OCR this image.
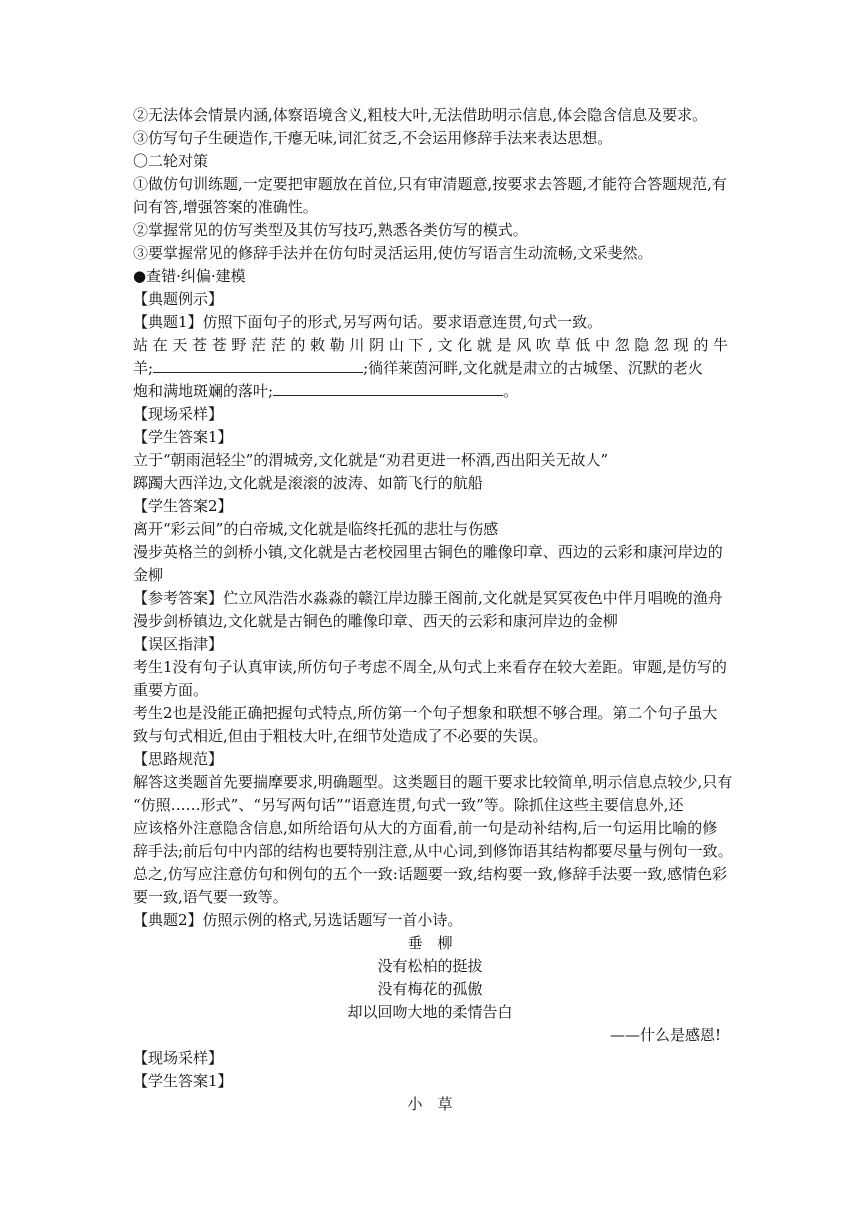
②无法体会情景内涵,体察语境含义,粗枝大叶,无法借助明示信息,体会隐含信息及要求。
③仿写句子生硬造作,干瘪无味,词汇贫乏,不会运用修辞手法来表达思想。
〇二轮对策
①做仿句训练题,一定要把审题放在首位,只有审清题意,按要求去答题,才能符合答题规范,有
问有答,增强答案的准确性。
②掌握常见的仿写类型及其仿写技巧,熟悉各类仿写的模式。
③要掌握常见的修辞手法并在仿句时灵活运用,使仿写语言生动流畅,文采斐然。
●查错·纠偏·建模
【典题例示】
【典题1】仿照下面句子的形式,另写两句话。要求语意连贯,句式一致。
站在天苍苍野茫茫的敕勒川阴山下,文化就是风吹草低中忽隐忽现的牛
羊;	;徜徉莱茵河畔,文化就是肃立的古城堡、沉默的老火
炮和满地斑斓的落叶;	。
【现场采样】
【学生答案1】
立于“朝雨浥轻尘”的渭城旁,文化就是“劝君更进一杯酒,西出阳关无故人”
踯躅大西洋边,文化就是滚滚的波涛、如箭飞行的航船
【学生答案2】
离开“彩云间”的白帝城,文化就是临终托孤的悲壮与伤感
漫步英格兰的剑桥小镇,文化就是古老校园里古铜色的雕像印章、西边的云彩和康河岸边的
金柳
【参考答案】伫立风浩浩水淼淼的赣江岸边滕王阁前,文化就是冥冥夜色中伴月唱晚的渔舟
漫步剑桥镇边,文化就是古铜色的雕像印章、西天的云彩和康河岸边的金柳
【误区指津】
考生1没有句子认真审读,所仿句子考虑不周全,从句式上来看存在较大差距。审题,是仿写的
重要方面。
考生2也是没能正确把握句式特点,所仿第一个句子想象和联想不够合理。第二个句子虽大
致与句式相近,但由于粗枝大叶,在细节处造成了不必要的失误。
【思路规范】
解答这类题首先要揣摩要求,明确题型。这类题目的题干要求比较简单,明示信息点较少,只有
“仿照……形式”、“另写两句话”“语意连贯,句式一致”等。除抓住这些主要信息外,还
应该格外注意隐含信息,如所给语句从大的方面看,前一句是动补结构,后一句运用比喻的修
辞手法;前后句中内部的结构也要特别注意,从中心词,到修饰语其结构都要尽量与例句一致。
总之,仿写应注意仿句和例句的五个一致:话题要一致,结构要一致,修辞手法要一致,感情色彩
要一致,语气要一致等。
【典题2】仿照示例的格式,另选话题写一首小诗。
垂　柳
没有松柏的挺拔
没有梅花的孤傲
却以回吻大地的柔情告白
——什么是感恩!
【现场采样】
【学生答案1】
小　草
